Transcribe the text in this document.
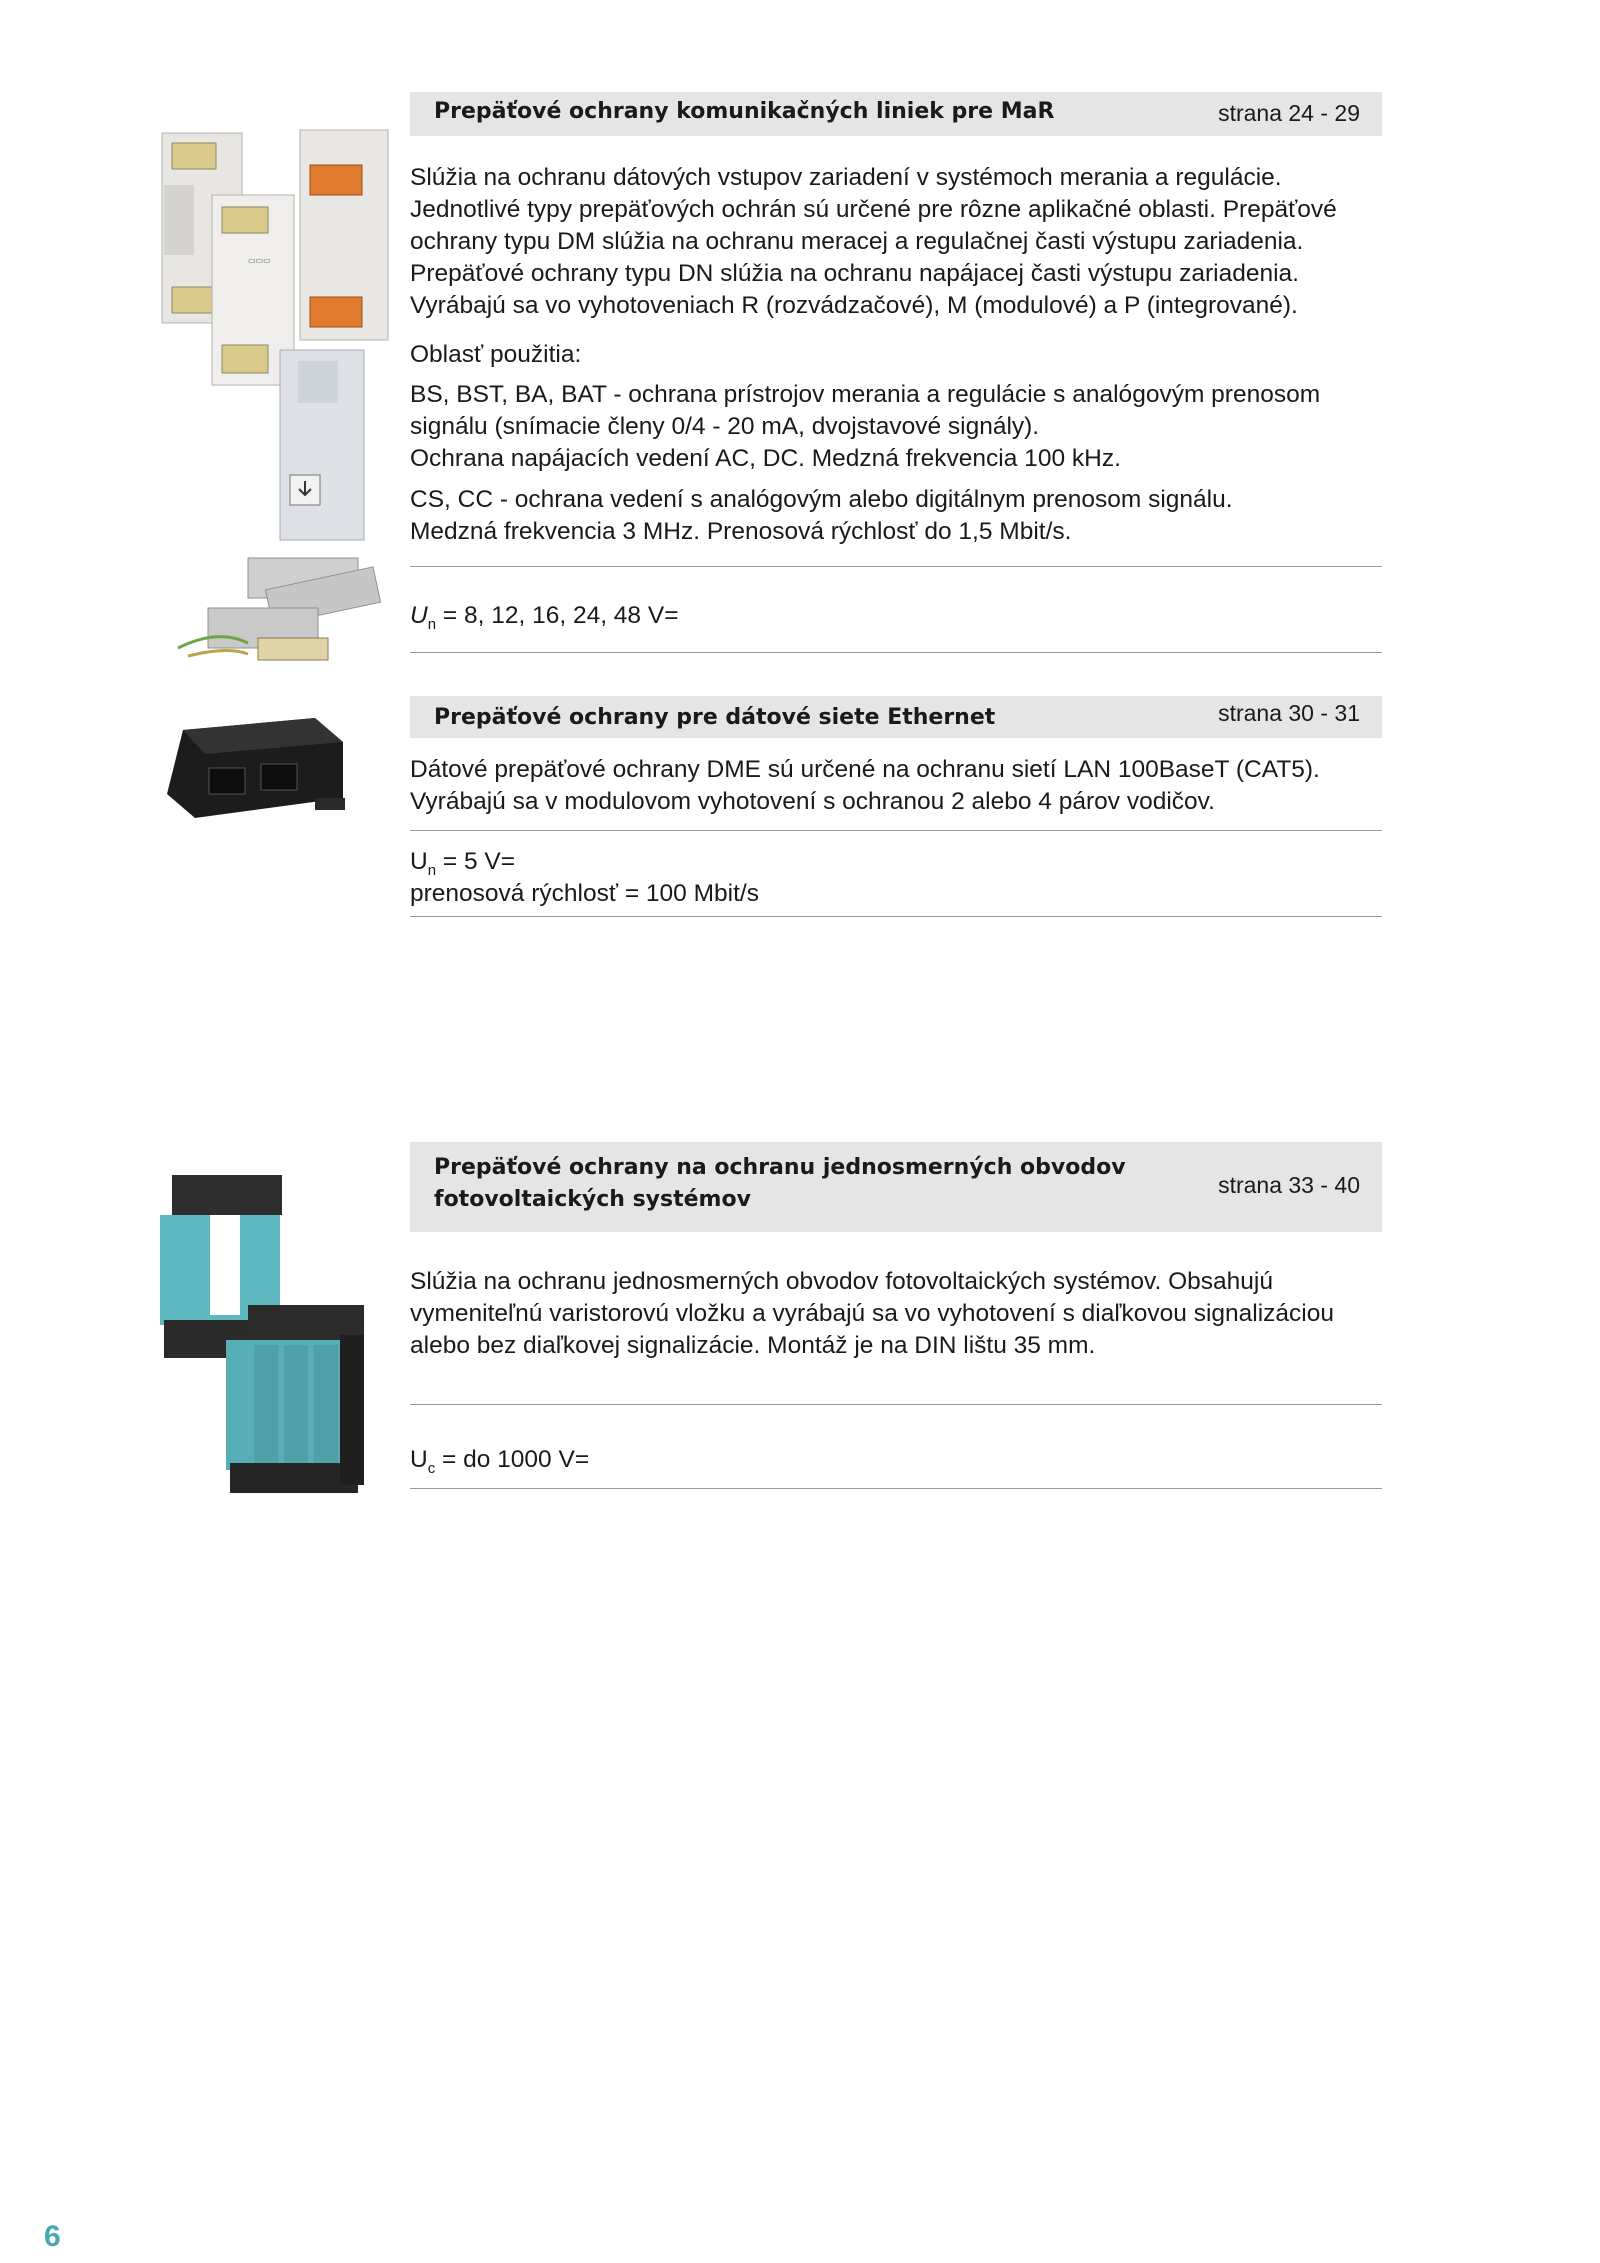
▭▭▭
Prepäťové ochrany komunikačných liniek pre MaR	strana 24 - 29
Slúžia na ochranu dátových vstupov zariadení v systémoch merania a regulácie.
Jednotlivé typy prepäťových ochrán sú určené pre rôzne aplikačné oblasti. Prepäťové
ochrany typu DM slúžia na ochranu meracej a regulačnej časti výstupu zariadenia.
Prepäťové ochrany typu DN slúžia na ochranu napájacej časti výstupu zariadenia.
Vyrábajú sa vo vyhotoveniach R (rozvádzačové), M (modulové) a P (integrované).
Oblasť použitia:
BS, BST, BA, BAT - ochrana prístrojov merania a regulácie s analógovým prenosom
signálu (snímacie členy 0/4 - 20 mA, dvojstavové signály).
Ochrana napájacích vedení AC, DC. Medzná frekvencia 100 kHz.
CS, CC - ochrana vedení s analógovým alebo digitálnym prenosom signálu.
Medzná frekvencia 3 MHz. Prenosová rýchlosť do 1,5 Mbit/s.
$U_n = 8$, 12, 16, 24, 48 V=
Prepäťové ochrany pre dátové siete Ethernet	strana 30 - 31
Dátové prepäťové ochrany DME sú určené na ochranu sietí LAN 100BaseT (CAT5).
Vyrábajú sa v modulovom vyhotovení s ochranou 2 alebo 4 párov vodičov.
$U_n = 5$ V=
prenosová rýchlosť = 100 Mbit/s
Prepäťové ochrany na ochranu jednosmerných obvodov
fotovoltaických systémov
strana 33 - 40
Slúžia na ochranu jednosmerných obvodov fotovoltaických systémov. Obsahujú
vymeniteľnú varistorovú vložku a vyrábajú sa vo vyhotovení s diaľkovou signalizáciou
alebo bez diaľkovej signalizácie. Montáž je na DIN lištu 35 mm.
$U_c$ = do 1000 V=
6
